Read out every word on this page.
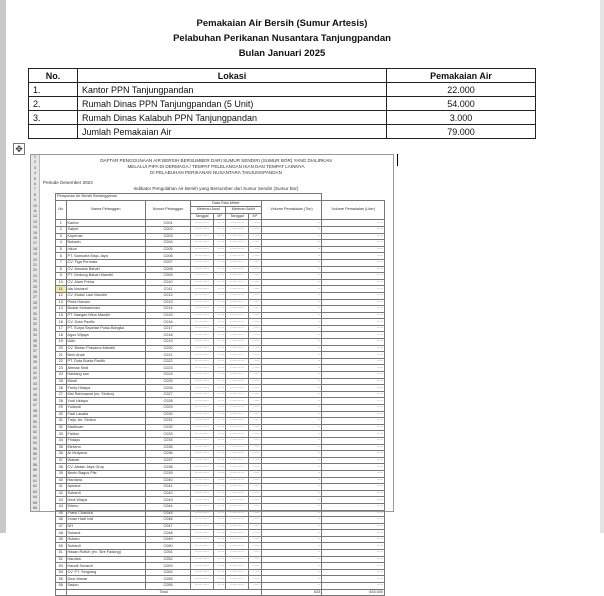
Pemakaian Air Bersih (Sumur Artesis)
Pelabuhan Perikanan Nusantara Tanjungpandan
Bulan Januari 2025
No.	Lokasi	Pemakaian Air
1.	Kantor PPN Tanjungpandan	22.000
2.	Rumah Dinas PPN Tanjungpandan (5 Unit)	54.000
3.	Rumah Dinas Kalabuh PPN Tanjungpandan	3.000
	Jumlah Pemakaian Air	79.000
✥
1
2
3
4
5
6
7
8
9
10
11
12
13
14
15
16
17
18
19
20
21
22
23
24
25
26
27
28
29
30
31
32
33
34
35
36
37
38
39
40
41
42
43
44
45
46
47
48
49
50
51
52
53
54
55
56
57
58
59
60
61
62
63
64
65
66
DAFTAR PENGGUNAAN AIR BERSIH BERSUMBER DARI SUMUR SENDIRI (SUMUR BOR) YANG DIALIRKAN
MELALUI PIPA DI DERMAGA / TEMPAT PELELANGAN IKAN DAN TEMPAT LAINNYA
DI PELABUHAN PERIKANAN NUSANTARA TANJUNGPANDAN
Periode Desember 2024
Indikator Pengolahan Air Bersih yang Bersumber dari Sumur Sendiri (Sumur Bor)
Pelayanan Air Bersih Berlangganan								
No	Nama Pelanggan	Nomor Pelanggan	Data Stan Meter				Volume Pemakaian (Ton)	Volume Pemakaian (Liter)
			Meteran Awal		Meteran Akhir			
			Tanggal	M³	Tanggal	M³		
1	Kantor	C001	···········	·····	···········	·····	··	·····
2	Satpel	C002	···········	·····	···········	·····	··	·····
3	Koperasi	C003	···········	·····	···········	·····	··	·····
4	Bubaah	C004	···········	·····	···········	·····	··	·····
5	Inkun	C005	···········	·····	···········	·····	··	·····
6	PT. Samudra Maju Jaya	C006	···········	·····	···········	·····	··	·····
7	CV. Tiga Permata	C007	···········	·····	···········	·····	··	·····
8	CV. Armada Bahari	C008	···········	·····	···········	·····	··	·····
9	PT. Gedung Bahari Mandiri	C009	···········	·····	···········	·····	··	·····
10	CV. Alam Prima	C010	···········	·····	···········	·····	··	·····
11	Ida Novianti	C011	···········	·····	···········	·····	··	·····
12	CV. Mulan Laut Mandiri	C012	···········	·····	···········	·····	··	·····
13	Perla Hartani	C013	···········	·····	···········	·····	··	·····
14	Budiar Muhammad	C014	···········	·····	···········	·····	··	·····
15	PT. Naegan Mina Mandiri	C015	···········	·····	···········	·····	··	·····
16	CV. Duta Pacific	C016	···········	·····	···········	·····	··	·····
17	PT. Surya Sejahtar Pulau Bangka	C017	···········	·····	···········	·····	··	·····
18	Agus Wijaya	C018	···········	·····	···········	·····	··	·····
19	Udin	C019	···········	·····	···········	·····	··	·····
20	CV. Bintan Prasama Mandiri	C020	···········	·····	···········	·····	··	·····
21	Beni Anak	C021	···········	·····	···········	·····	··	·····
22	PT. Duta Bueta Pacific	C022	···········	·····	···········	·····	··	·····
23	Ahmad Sedi	C023	···········	·····	···········	·····	··	·····
24	Haidang san	C024	···········	·····	···········	·····	··	·····
25	Mardi	C025	···········	·····	···········	·····	··	·····
26	Fredy Hidaya	C026	···········	·····	···········	·····	··	·····
27	Mai Rahmawat (ex. Sinitun)	C027	···········	·····	···········	·····	··	·····
28	Yudi Hidaya	C028	···········	·····	···········	·····	··	·····
29	Yuliandi	C029	···········	·····	···········	·····	··	·····
30	Fadi Lasatia	C030	···········	·····	···········	·····	··	·····
31	Trejo Jer. Sinitun	C031	···········	·····	···········	·····	··	·····
32	Madhuan	C032	···········	·····	···········	·····	··	·····
33	Faidon	C033	···········	·····	···········	·····	··	·····
34	Fridayu	C034	···········	·····	···········	·····	··	·····
35	Melvina	C035	···········	·····	···········	·····	··	·····
36	Ar Mulyana	C036	···········	·····	···········	·····	··	·····
37	Wahab	C037	···········	·····	···········	·····	··	·····
38	CV. Abdan Jaya Grup	C038	···········	·····	···········	·····	··	·····
39	Bentu Bagus Pile	C039	···········	·····	···········	·····	··	·····
40	Hardana	C040	···········	·····	···········	·····	··	·····
41	Apriane	C041	···········	·····	···········	·····	··	·····
42	Suhardi	C042	···········	·····	···········	·····	··	·····
43	Dedi Wiaya	C043	···········	·····	···········	·····	··	·····
44	Erlenu	C044	···········	·····	···········	·····	··	·····
45	Frank Chandra	C045	···········	·····	···········	·····	··	·····
46	Imran Hadi Indi	C046	···········	·····	···········	·····	··	·····
47	DH	C047	···········	·····	···········	·····	··	·····
48	Sukardi	C048	···········	·····	···········	·····	··	·····
49	Hukam	C049	···········	·····	···········	·····	··	·····
50	Suhardi	C050	···········	·····	···········	·····	··	·····
51	Hasan Rofiuh (ex. Sire Fadung)	C051	···········	·····	···········	·····	··	·····
52	Hardiah	C052	···········	·····	···········	·····	··	·····
53	Hanafi Sunardi	C053	···········	·····	···········	·····	··	·····
54	CV. PT. Sergiang	C054	···········	·····	···········	·····	··	·····
55	Desi Wanar	C055	···········	·····	···········	·····	··	·····
56	Sadun	C056	···········	·····	···········	·····	··	·····
	Total						633	633.000
